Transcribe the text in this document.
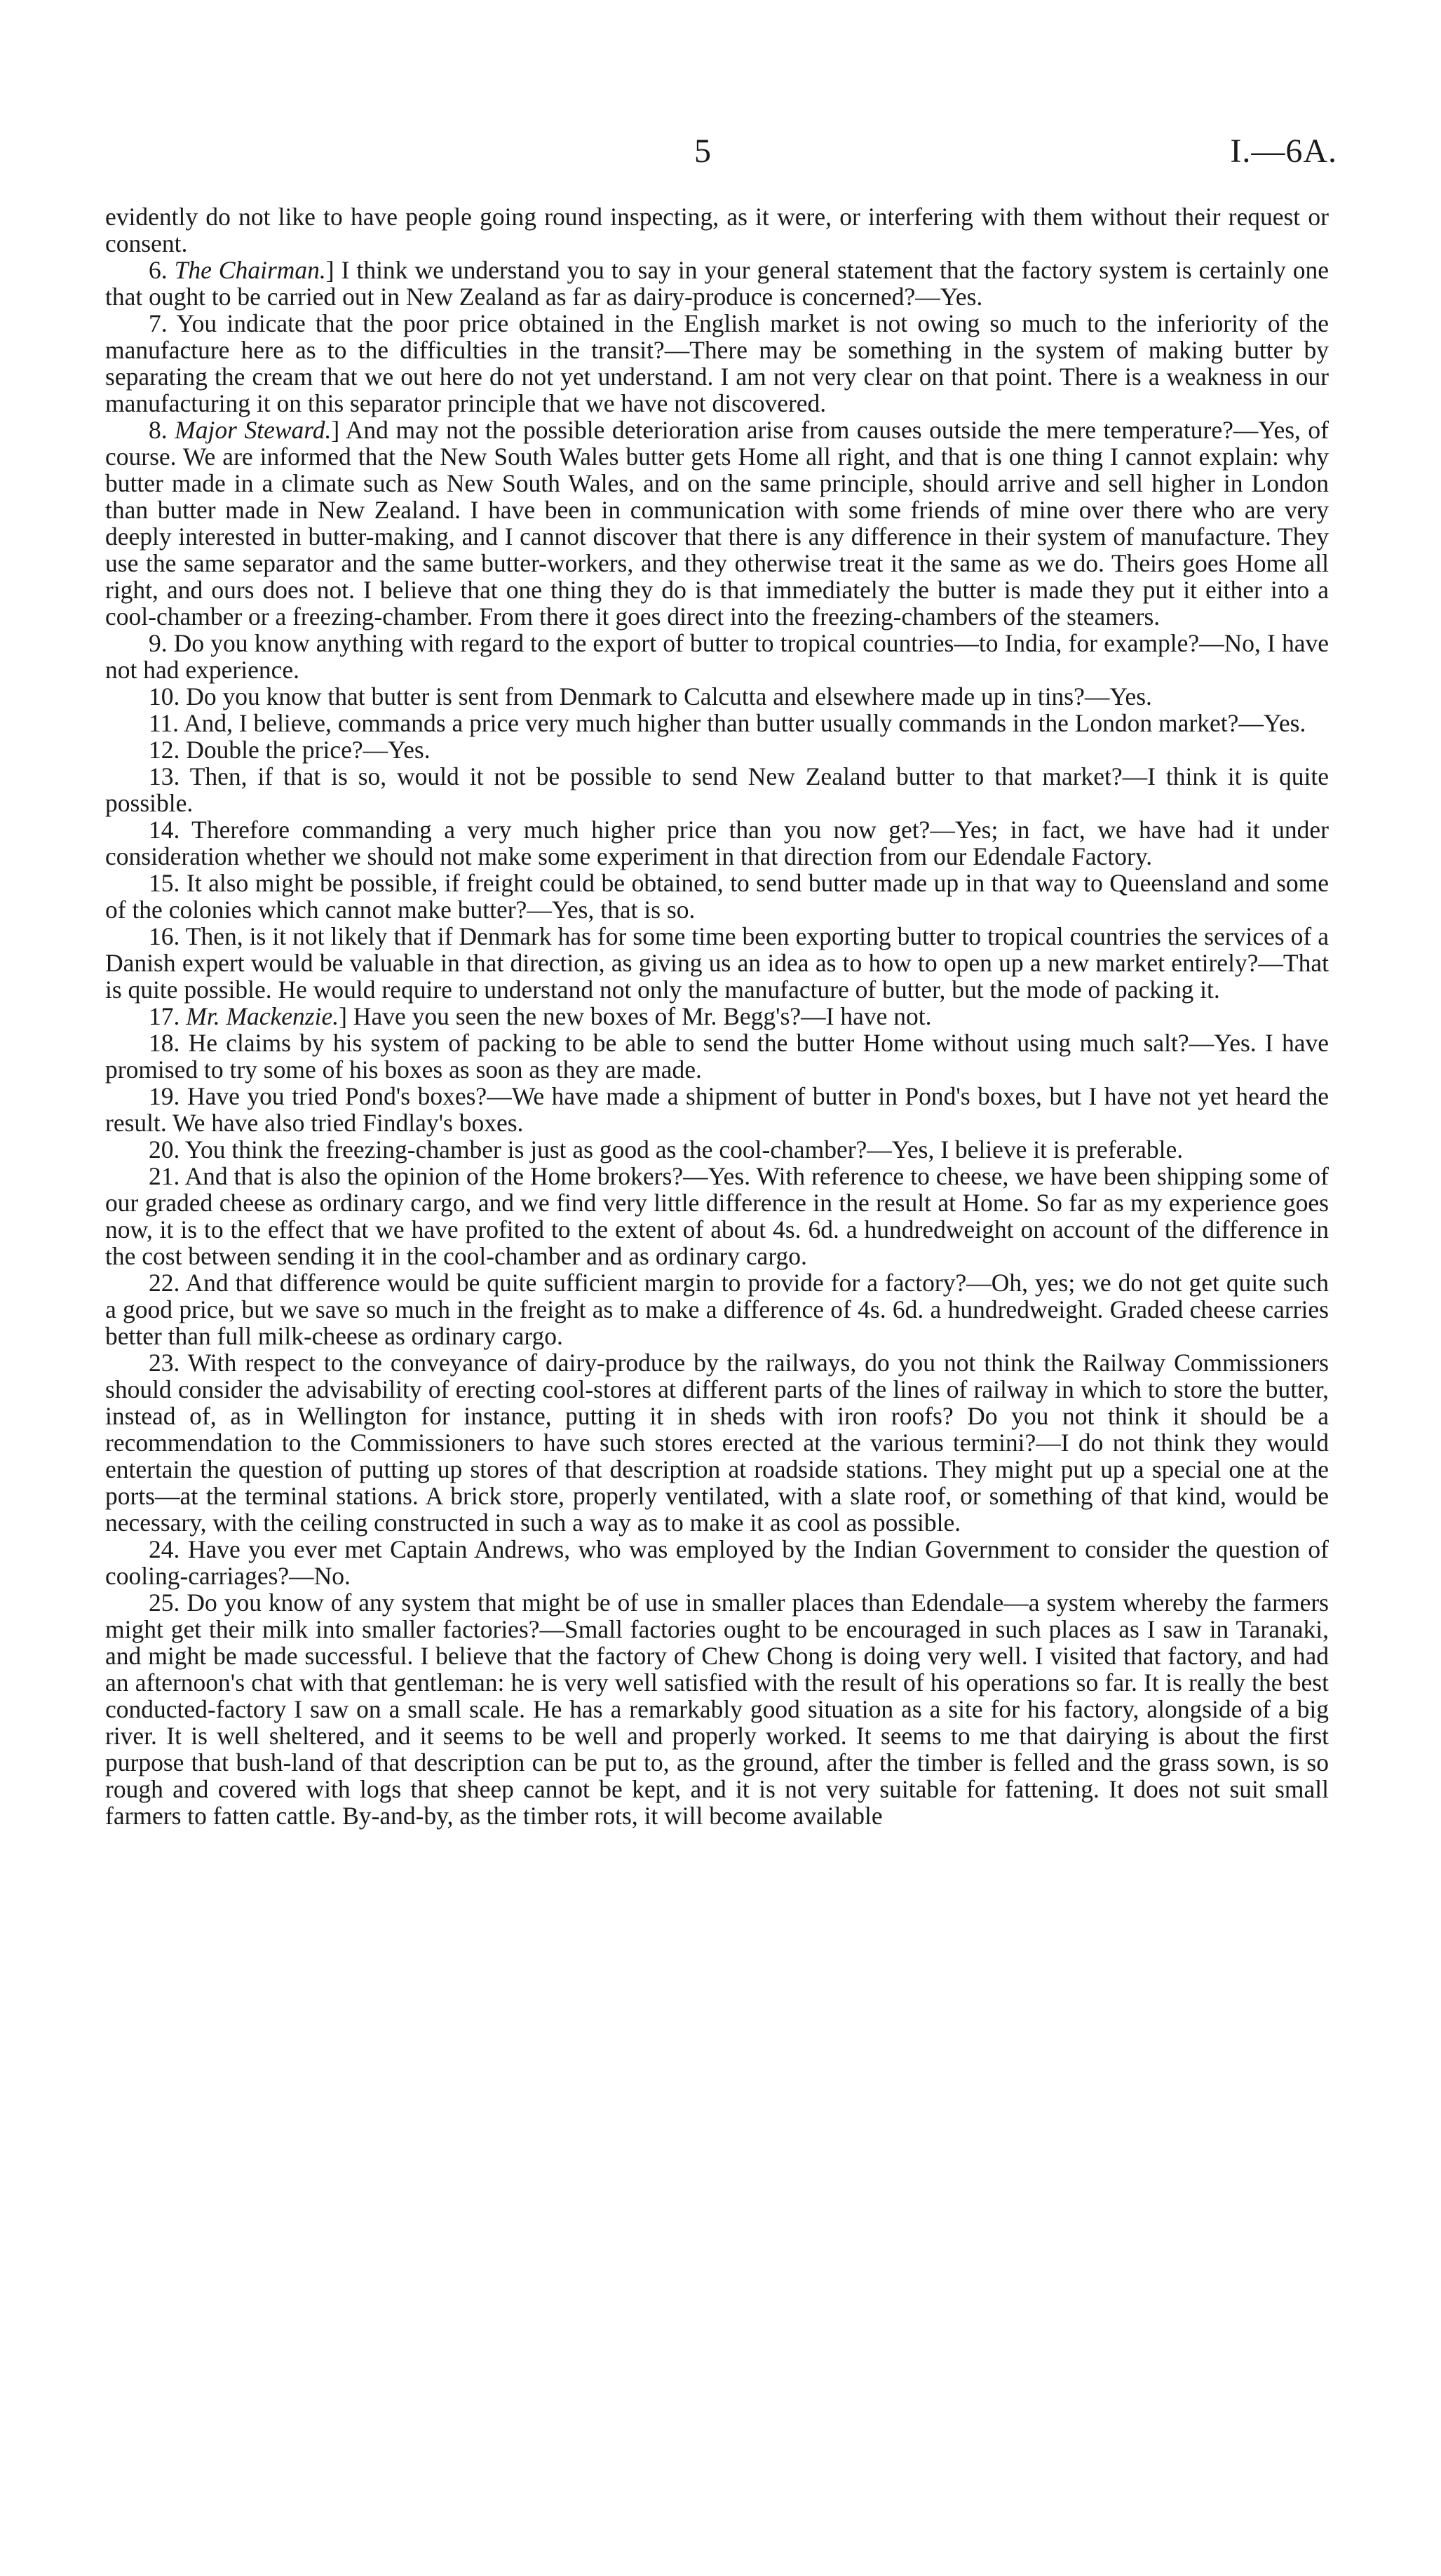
5	I.—6A.

evidently do not like to have people going round inspecting, as it were, or interfering with them without their request or consent.

6. The Chairman.] I think we understand you to say in your general statement that the factory system is certainly one that ought to be carried out in New Zealand as far as dairy-produce is concerned?—Yes.

7. You indicate that the poor price obtained in the English market is not owing so much to the inferiority of the manufacture here as to the difficulties in the transit?—There may be something in the system of making butter by separating the cream that we out here do not yet understand. I am not very clear on that point. There is a weakness in our manufacturing it on this separator principle that we have not discovered.

8. Major Steward.] And may not the possible deterioration arise from causes outside the mere temperature?—Yes, of course. We are informed that the New South Wales butter gets Home all right, and that is one thing I cannot explain: why butter made in a climate such as New South Wales, and on the same principle, should arrive and sell higher in London than butter made in New Zealand. I have been in communication with some friends of mine over there who are very deeply interested in butter-making, and I cannot discover that there is any difference in their system of manufacture. They use the same separator and the same butter-workers, and they otherwise treat it the same as we do. Theirs goes Home all right, and ours does not. I believe that one thing they do is that immediately the butter is made they put it either into a cool-chamber or a freezing-chamber. From there it goes direct into the freezing-chambers of the steamers.

9. Do you know anything with regard to the export of butter to tropical countries—to India, for example?—No, I have not had experience.

10. Do you know that butter is sent from Denmark to Calcutta and elsewhere made up in tins?—Yes.

11. And, I believe, commands a price very much higher than butter usually commands in the London market?—Yes.

12. Double the price?—Yes.

13. Then, if that is so, would it not be possible to send New Zealand butter to that market?—I think it is quite possible.

14. Therefore commanding a very much higher price than you now get?—Yes; in fact, we have had it under consideration whether we should not make some experiment in that direction from our Edendale Factory.

15. It also might be possible, if freight could be obtained, to send butter made up in that way to Queensland and some of the colonies which cannot make butter?—Yes, that is so.

16. Then, is it not likely that if Denmark has for some time been exporting butter to tropical countries the services of a Danish expert would be valuable in that direction, as giving us an idea as to how to open up a new market entirely?—That is quite possible. He would require to understand not only the manufacture of butter, but the mode of packing it.

17. Mr. Mackenzie.] Have you seen the new boxes of Mr. Begg's?—I have not.

18. He claims by his system of packing to be able to send the butter Home without using much salt?—Yes. I have promised to try some of his boxes as soon as they are made.

19. Have you tried Pond's boxes?—We have made a shipment of butter in Pond's boxes, but I have not yet heard the result. We have also tried Findlay's boxes.

20. You think the freezing-chamber is just as good as the cool-chamber?—Yes, I believe it is preferable.

21. And that is also the opinion of the Home brokers?—Yes. With reference to cheese, we have been shipping some of our graded cheese as ordinary cargo, and we find very little difference in the result at Home. So far as my experience goes now, it is to the effect that we have profited to the extent of about 4s. 6d. a hundredweight on account of the difference in the cost between sending it in the cool-chamber and as ordinary cargo.

22. And that difference would be quite sufficient margin to provide for a factory?—Oh, yes; we do not get quite such a good price, but we save so much in the freight as to make a difference of 4s. 6d. a hundredweight. Graded cheese carries better than full milk-cheese as ordinary cargo.

23. With respect to the conveyance of dairy-produce by the railways, do you not think the Railway Commissioners should consider the advisability of erecting cool-stores at different parts of the lines of railway in which to store the butter, instead of, as in Wellington for instance, putting it in sheds with iron roofs? Do you not think it should be a recommendation to the Commissioners to have such stores erected at the various termini?—I do not think they would entertain the question of putting up stores of that description at roadside stations. They might put up a special one at the ports—at the terminal stations. A brick store, properly ventilated, with a slate roof, or something of that kind, would be necessary, with the ceiling constructed in such a way as to make it as cool as possible.

24. Have you ever met Captain Andrews, who was employed by the Indian Government to consider the question of cooling-carriages?—No.

25. Do you know of any system that might be of use in smaller places than Edendale—a system whereby the farmers might get their milk into smaller factories?—Small factories ought to be encouraged in such places as I saw in Taranaki, and might be made successful. I believe that the factory of Chew Chong is doing very well. I visited that factory, and had an afternoon's chat with that gentleman: he is very well satisfied with the result of his operations so far. It is really the best conducted-factory I saw on a small scale. He has a remarkably good situation as a site for his factory, alongside of a big river. It is well sheltered, and it seems to be well and properly worked. It seems to me that dairying is about the first purpose that bush-land of that description can be put to, as the ground, after the timber is felled and the grass sown, is so rough and covered with logs that sheep cannot be kept, and it is not very suitable for fattening. It does not suit small farmers to fatten cattle. By-and-by, as the timber rots, it will become available
